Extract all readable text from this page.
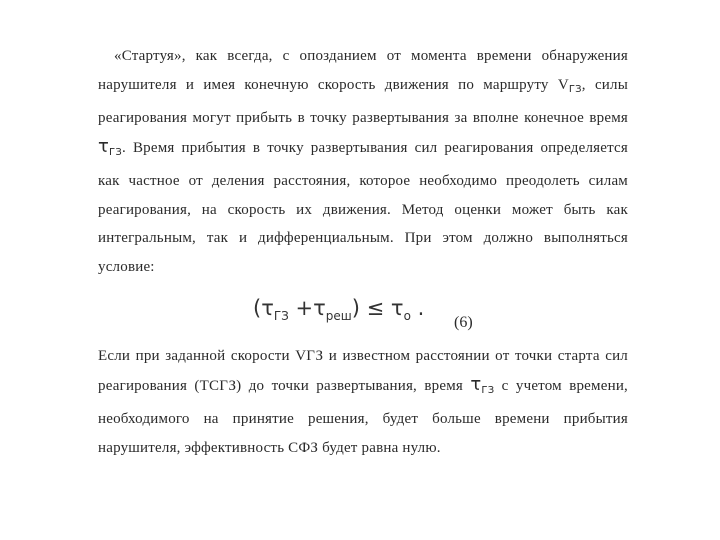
«Стартуя», как всегда, с опозданием от момента времени обнаружения нарушителя и имея конечную скорость движения по маршруту $V_{ГЗ}$, силы реагирования могут прибыть в точку развертывания за вполне конечное время $\tau_{ГЗ}$. Время прибытия в точку развертывания сил реагирования определяется как частное от деления расстояния, которое необходимо преодолеть силам реагирования, на скорость их движения. Метод оценки может быть как интегральным, так и дифференциальным. При этом должно выполняться условие:

$(\tau_{ГЗ} +\tau_{реш}) \le \tau_о$ .
(6)

Если при заданной скорости VГЗ и известном расстоянии от точки старта сил реагирования (ТСГЗ) до точки развертывания, время $\tau_{ГЗ}$ с учетом времени, необходимого на принятие решения, будет больше времени прибытия нарушителя, эффективность СФЗ будет равна нулю.
